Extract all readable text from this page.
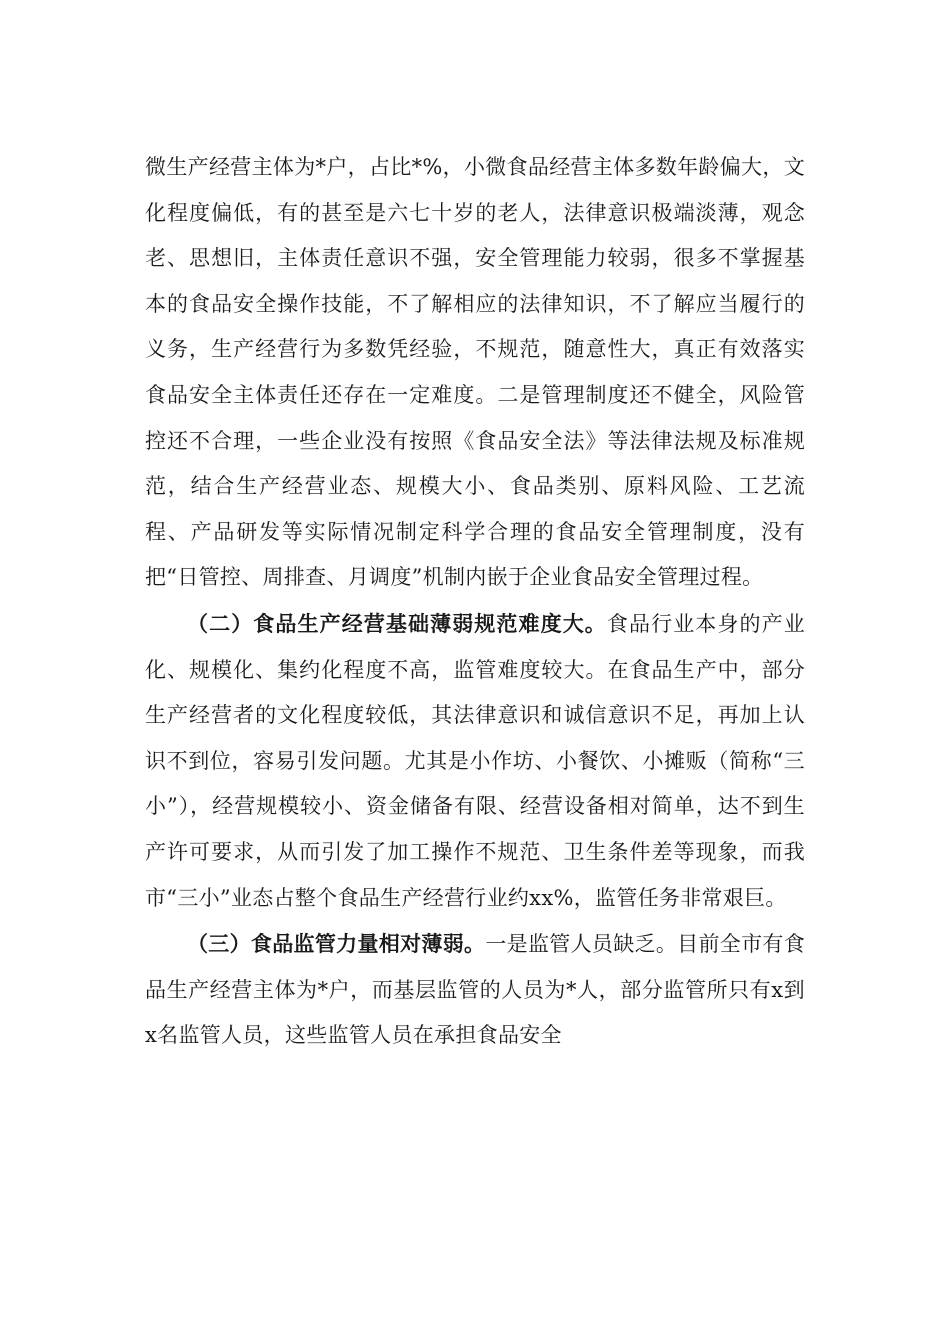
微生产经营主体为*户，占比*%，小微食品经营主体多数年龄偏大，文化程度偏低，有的甚至是六七十岁的老人，法律意识极端淡薄，观念老、思想旧，主体责任意识不强，安全管理能力较弱，很多不掌握基本的食品安全操作技能，不了解相应的法律知识，不了解应当履行的义务，生产经营行为多数凭经验，不规范，随意性大，真正有效落实食品安全主体责任还存在一定难度。二是管理制度还不健全，风险管控还不合理，一些企业没有按照《食品安全法》等法律法规及标准规范，结合生产经营业态、规模大小、食品类别、原料风险、工艺流程、产品研发等实际情况制定科学合理的食品安全管理制度，没有把“日管控、周排查、月调度”机制内嵌于企业食品安全管理过程。

（二）食品生产经营基础薄弱规范难度大。食品行业本身的产业化、规模化、集约化程度不高，监管难度较大。在食品生产中，部分生产经营者的文化程度较低，其法律意识和诚信意识不足，再加上认识不到位，容易引发问题。尤其是小作坊、小餐饮、小摊贩（简称“三小”），经营规模较小、资金储备有限、经营设备相对简单，达不到生产许可要求，从而引发了加工操作不规范、卫生条件差等现象，而我市“三小”业态占整个食品生产经营行业约xx%，监管任务非常艰巨。

（三）食品监管力量相对薄弱。一是监管人员缺乏。目前全市有食品生产经营主体为*户，而基层监管的人员为*人，部分监管所只有x到x名监管人员，这些监管人员在承担食品安全
